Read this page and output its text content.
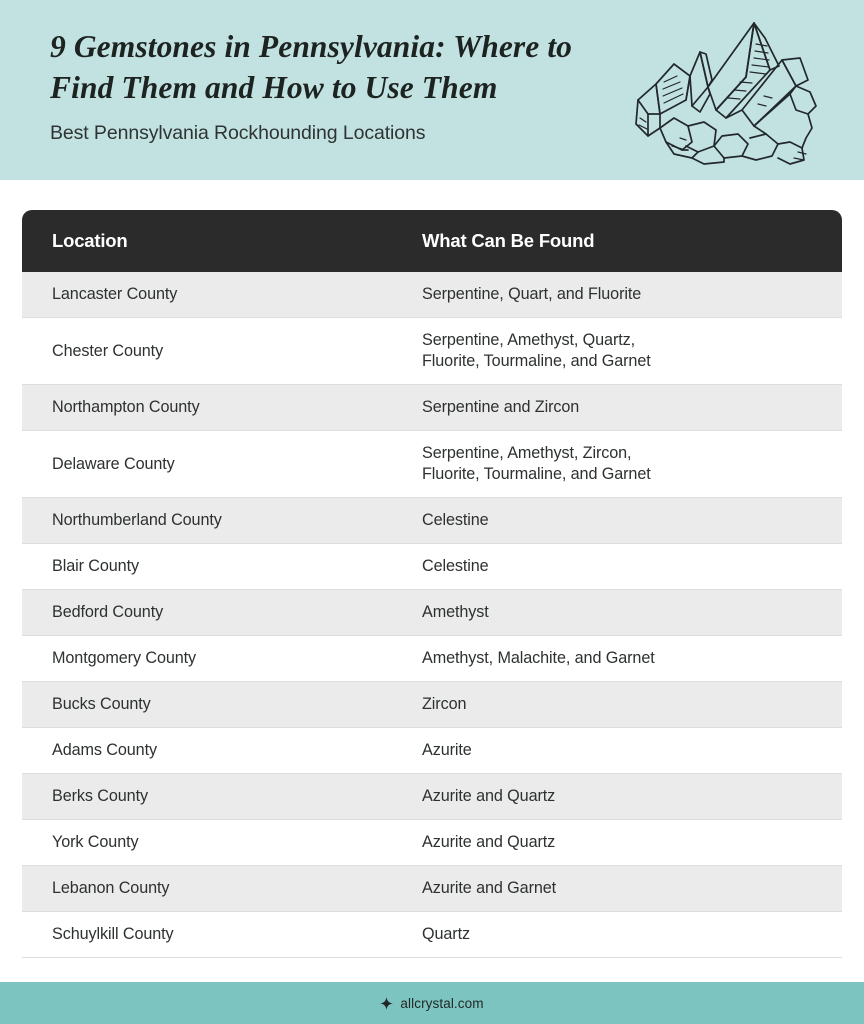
9 Gemstones in Pennsylvania: Where to Find Them and How to Use Them
Best Pennsylvania Rockhounding Locations
Location	What Can Be Found
Lancaster County	Serpentine, Quart, and Fluorite

Chester County	Serpentine, Amethyst, Quartz,
Fluorite, Tourmaline, and Garnet

Northampton County	Serpentine and Zircon

Delaware County	Serpentine, Amethyst, Zircon,
Fluorite, Tourmaline, and Garnet

Northumberland County	Celestine

Blair County	Celestine

Bedford County	Amethyst

Montgomery County	Amethyst, Malachite, and Garnet

Bucks County	Zircon

Adams County	Azurite

Berks County	Azurite and Quartz

York County	Azurite and Quartz

Lebanon County	Azurite and Garnet

Schuylkill County	Quartz
allcrystal.com
